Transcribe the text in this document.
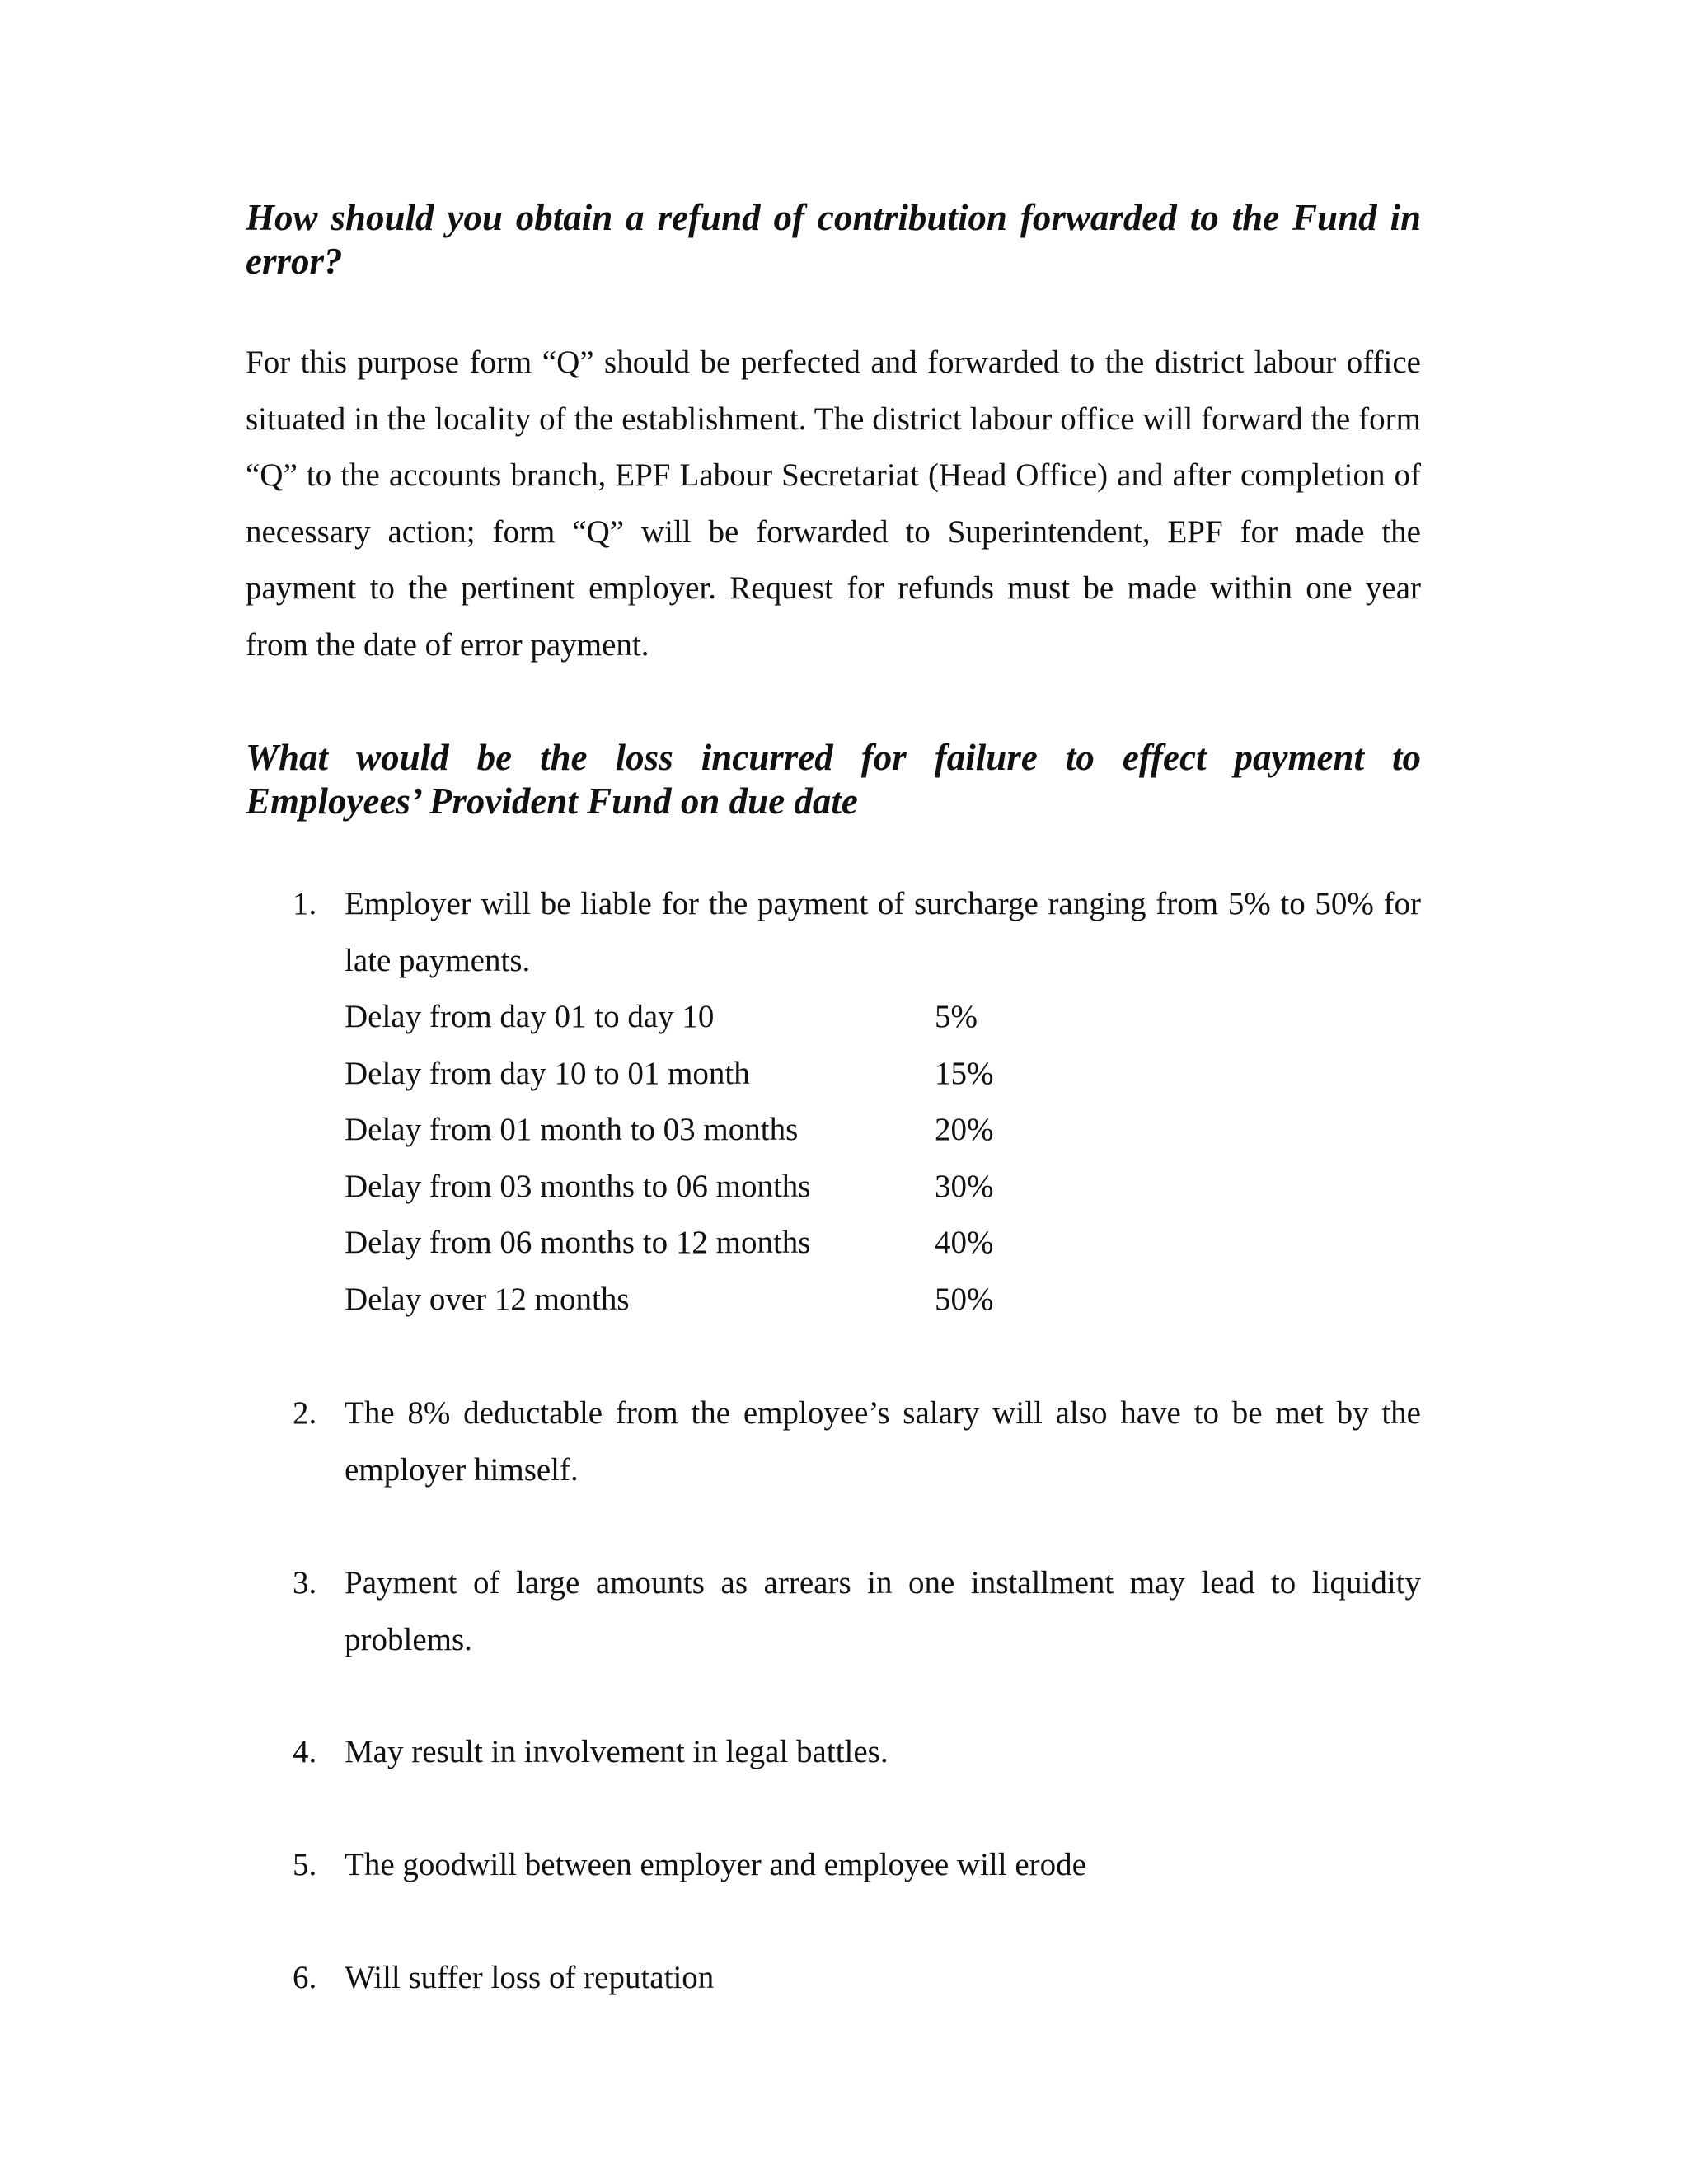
How should you obtain a refund of contribution forwarded to the Fund in error?

For this purpose form “Q” should be perfected and forwarded to the district labour office situated in the locality of the establishment. The district labour office will forward the form “Q” to the accounts branch, EPF Labour Secretariat (Head Office) and after completion of necessary action; form “Q” will be forwarded to Superintendent, EPF for made the payment to the pertinent employer. Request for refunds must be made within one year from the date of error payment.

What would be the loss incurred for failure to effect payment to
Employees’ Provident Fund on due date
1. Employer will be liable for the payment of surcharge ranging from 5% to 50% for late payments.
Delay from day 01 to day 10	5%
Delay from day 10 to 01 month	15%
Delay from 01 month to 03 months	20%
Delay from 03 months to 06 months	30%
Delay from 06 months to 12 months	40%
Delay over 12 months	50%
2. The 8% deductable from the employee’s salary will also have to be met by the employer himself.
3. Payment of large amounts as arrears in one installment may lead to liquidity problems.
4. May result in involvement in legal battles.
5. The goodwill between employer and employee will erode
6. Will suffer loss of reputation
